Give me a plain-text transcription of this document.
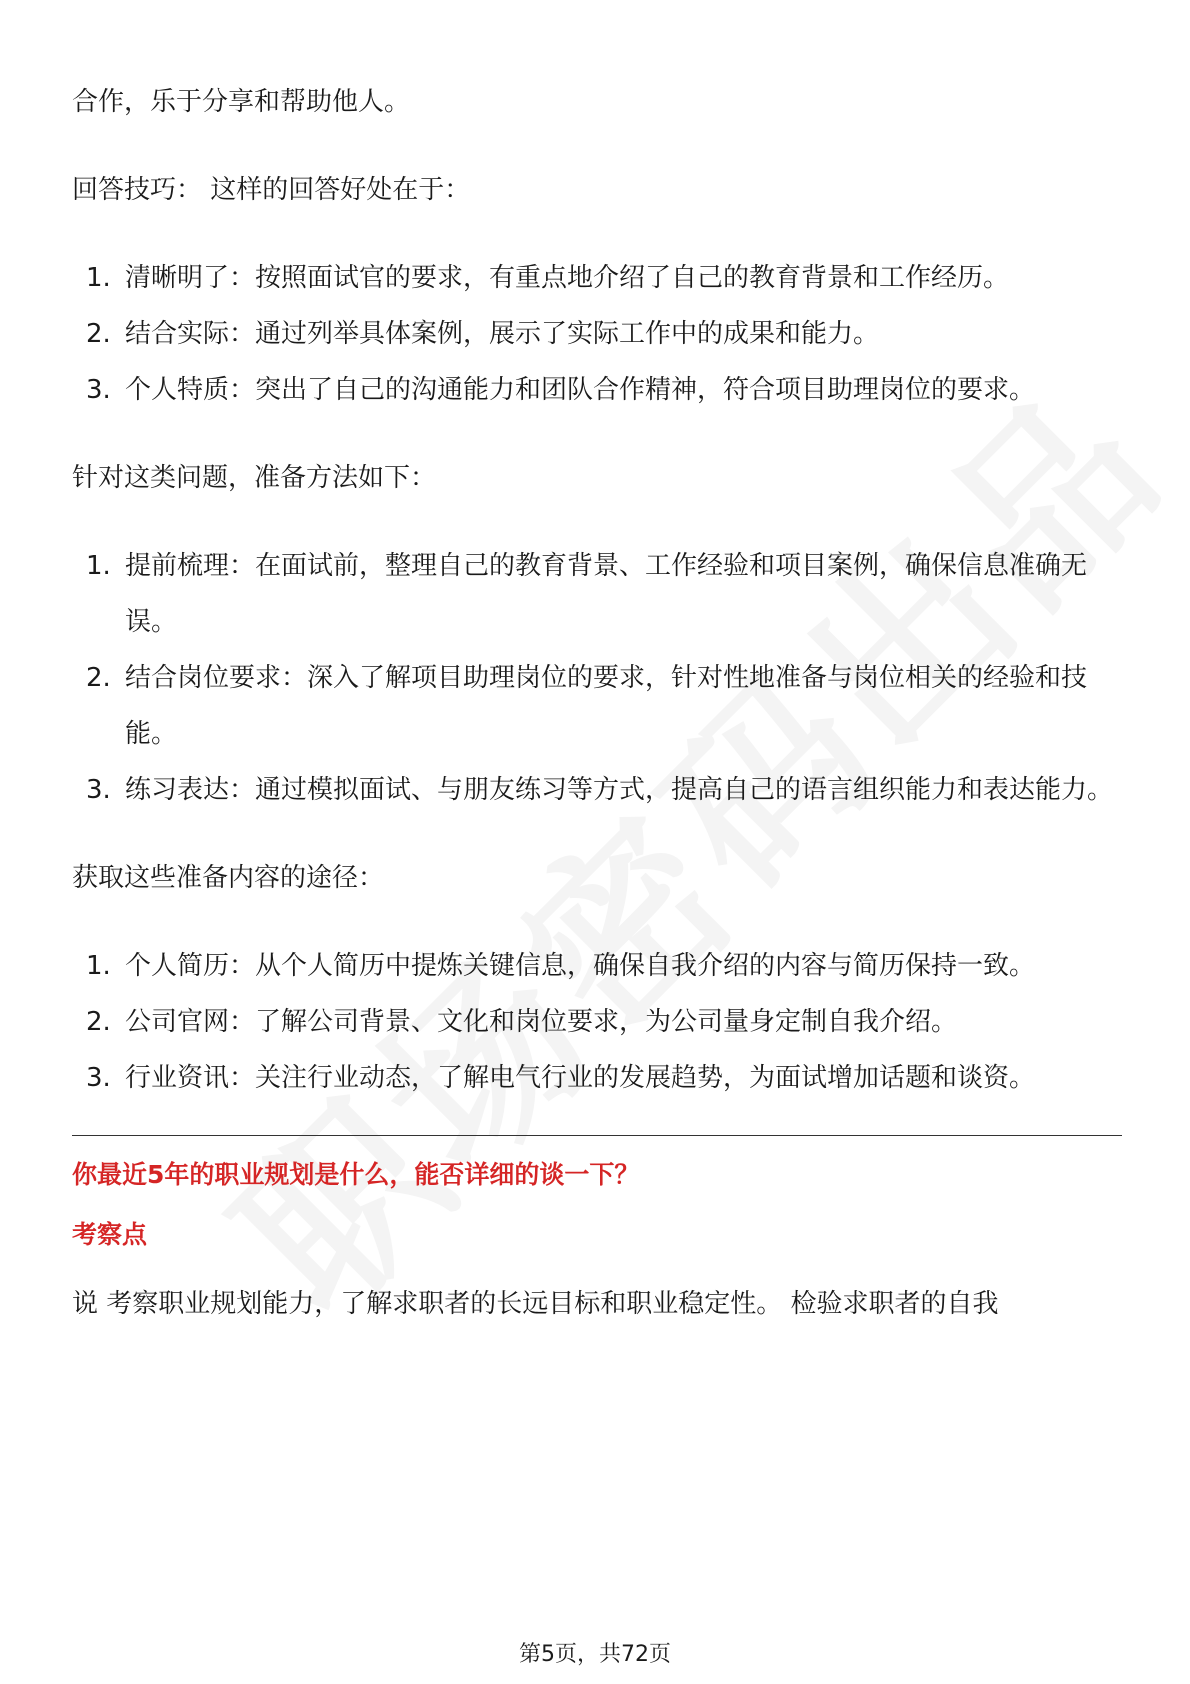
合作，乐于分享和帮助他人。

回答技巧： 这样的回答好处在于：

1. 清晰明了：按照面试官的要求，有重点地介绍了自己的教育背景和工作经历。
2. 结合实际：通过列举具体案例，展示了实际工作中的成果和能力。
3. 个人特质：突出了自己的沟通能力和团队合作精神，符合项目助理岗位的要求。

针对这类问题，准备方法如下：

1. 提前梳理：在面试前，整理自己的教育背景、工作经验和项目案例，确保信息准确无误。
2. 结合岗位要求：深入了解项目助理岗位的要求，针对性地准备与岗位相关的经验和技能。
3. 练习表达：通过模拟面试、与朋友练习等方式，提高自己的语言组织能力和表达能力。

获取这些准备内容的途径：

1. 个人简历：从个人简历中提炼关键信息，确保自我介绍的内容与简历保持一致。
2. 公司官网：了解公司背景、文化和岗位要求，为公司量身定制自我介绍。
3. 行业资讯：关注行业动态，了解电气行业的发展趋势，为面试增加话题和谈资。
你最近5年的职业规划是什么，能否详细的谈一下？
考察点
说 考察职业规划能力，了解求职者的长远目标和职业稳定性。 检验求职者的自我
第5页，共72页
